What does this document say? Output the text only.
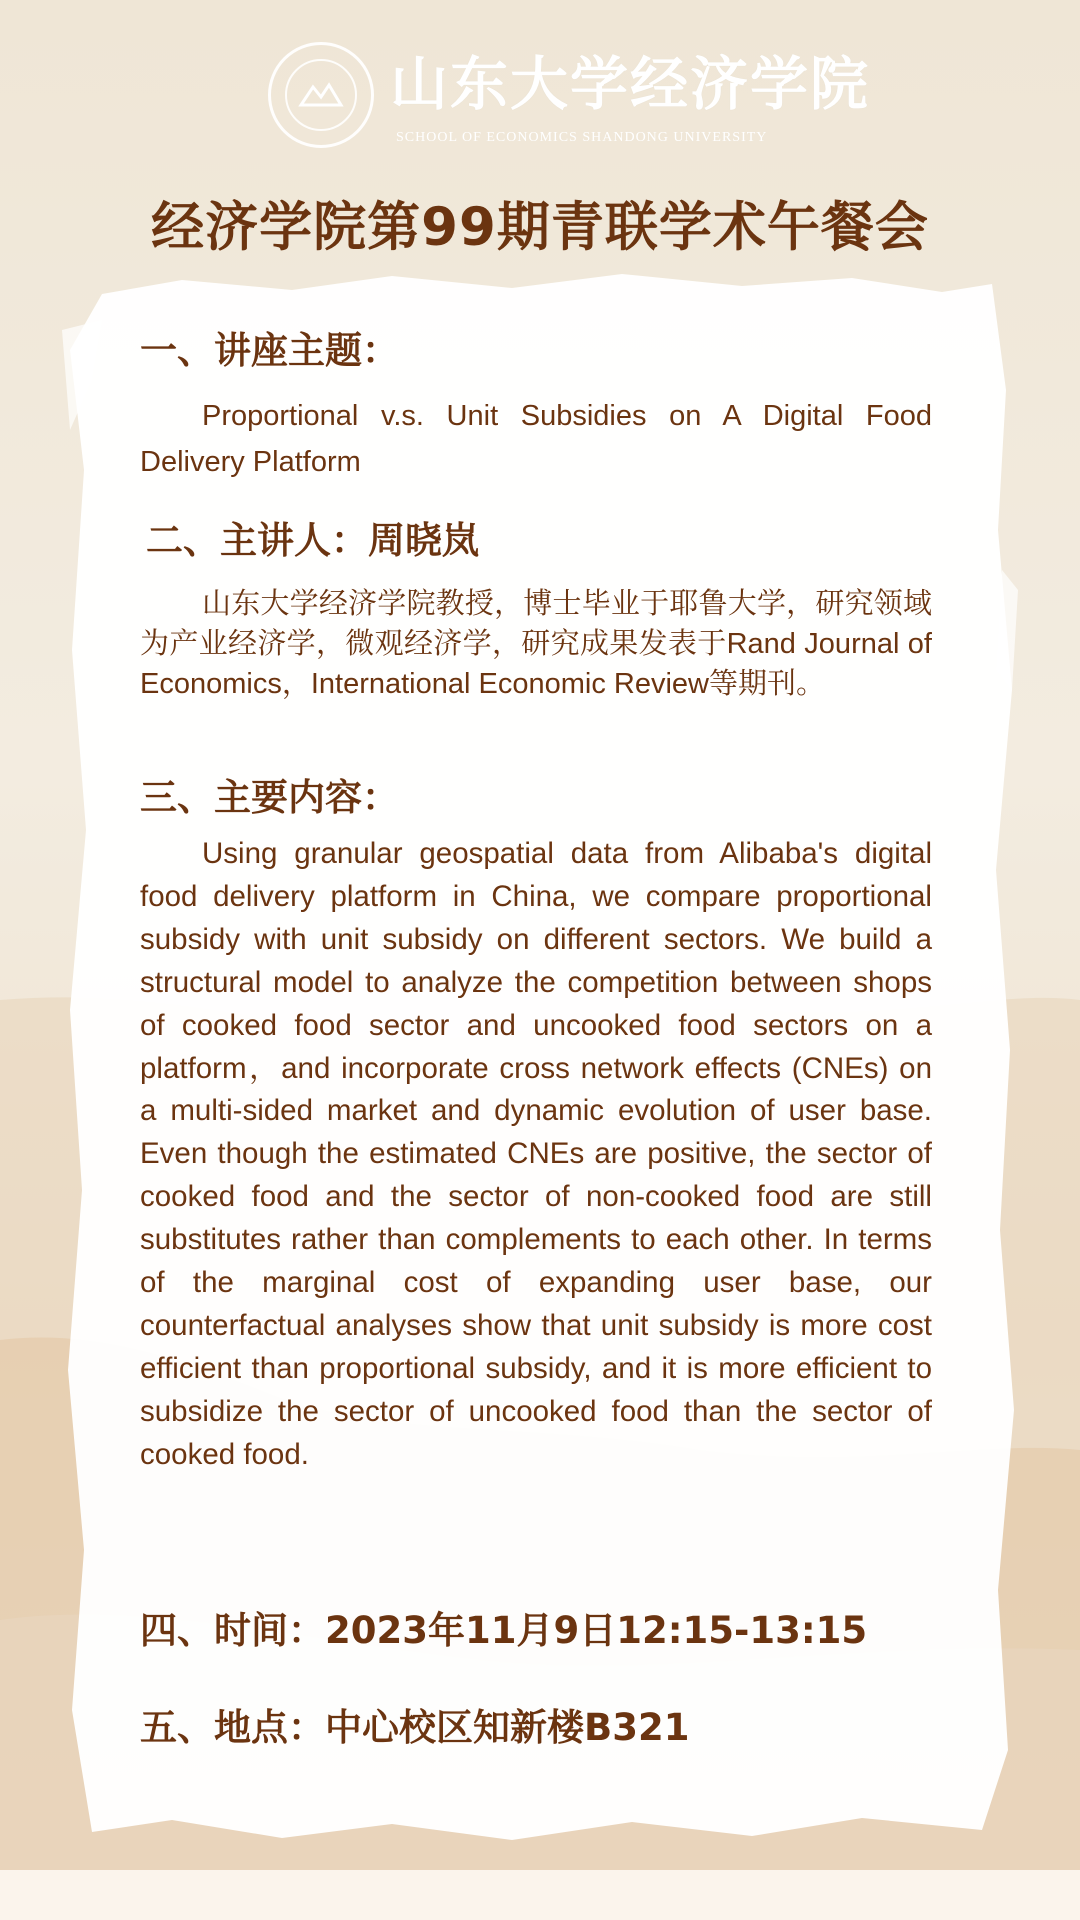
山东大学经济学院
SCHOOL OF ECONOMICS SHANDONG UNIVERSITY
经济学院第99期青联学术午餐会
一、讲座主题：
Proportional v.s. Unit Subsidies on A Digital Food Delivery Platform
二、主讲人：周晓岚
山东大学经济学院教授，博士毕业于耶鲁大学，研究领域为产业经济学，微观经济学，研究成果发表于Rand Journal of Economics，International Economic Review等期刊。
三、主要内容：
Using granular geospatial data from Alibaba's digital food delivery platform in China, we compare proportional subsidy with unit subsidy on different sectors. We build a structural model to analyze the competition between shops of cooked food sector and uncooked food sectors on a platform，and incorporate cross network effects (CNEs) on a multi-sided market and dynamic evolution of user base. Even though the estimated CNEs are positive, the sector of cooked food and the sector of non-cooked food are still substitutes rather than complements to each other. In terms of the marginal cost of expanding user base, our counterfactual analyses show that unit subsidy is more cost efficient than proportional subsidy, and it is more efficient to subsidize the sector of uncooked food than the sector of cooked food.
四、时间：2023年11月9日12:15-13:15
五、地点：中心校区知新楼B321
